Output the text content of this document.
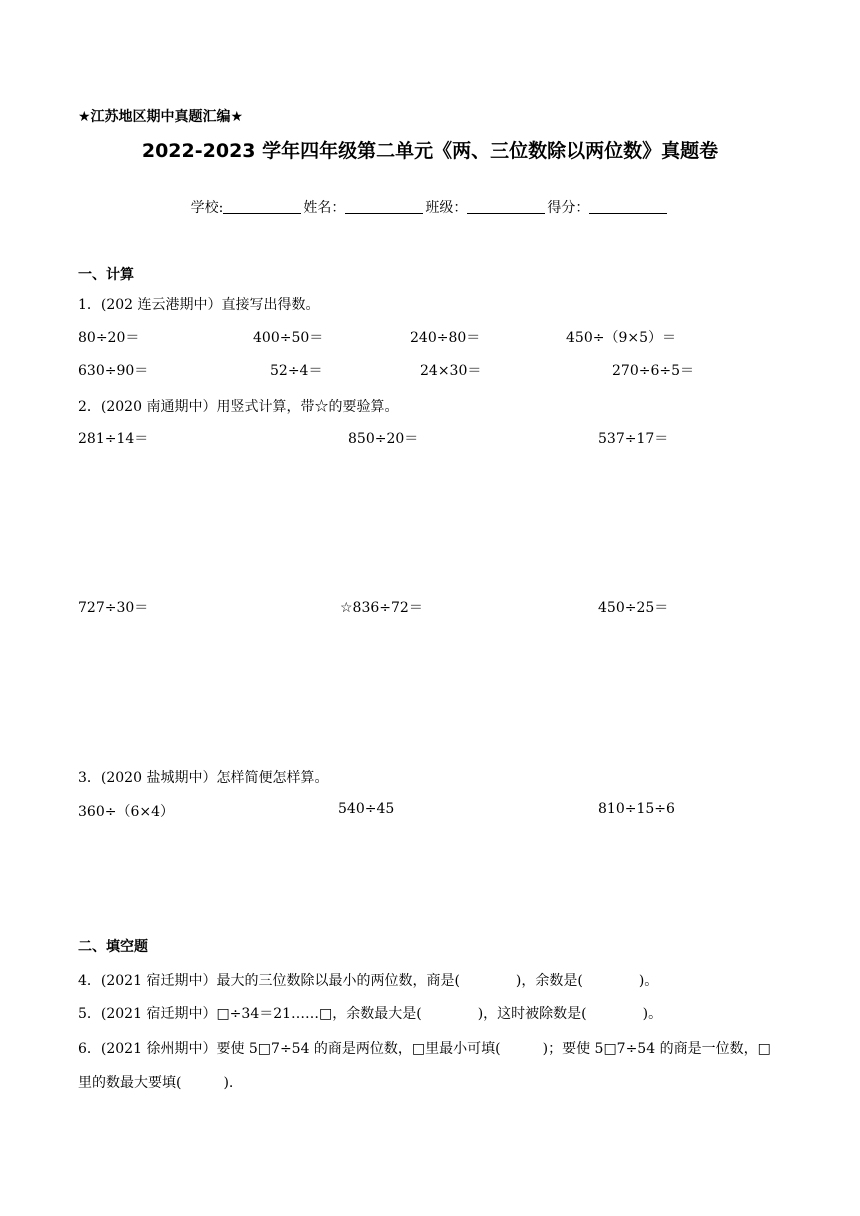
★江苏地区期中真题汇编★
2022-2023 学年四年级第二单元《两、三位数除以两位数》真题卷
学校:	姓名：	班级：	得分：
一、计算
1．(202 连云港期中）直接写出得数。
80÷20＝	400÷50＝	240÷80＝	450÷（9×5）＝
630÷90＝	52÷4＝	24×30＝	270÷6÷5＝
2．(2020 南通期中）用竖式计算，带☆的要验算。
281÷14＝	850÷20＝	537÷17＝
727÷30＝	☆836÷72＝	450÷25＝
3．(2020 盐城期中）怎样简便怎样算。
360÷（6×4）	540÷45	810÷15÷6
二、填空题
4．(2021 宿迁期中）最大的三位数除以最小的两位数，商是(　　　　)，余数是(　　　　)。
5．(2021 宿迁期中）□÷34＝21……□，余数最大是(　　　　)，这时被除数是(　　　　)。
6．(2021 徐州期中）要使 5□7÷54 的商是两位数，□里最小可填(　　　)；要使 5□7÷54 的商是一位数，□
里的数最大要填(　　　).
